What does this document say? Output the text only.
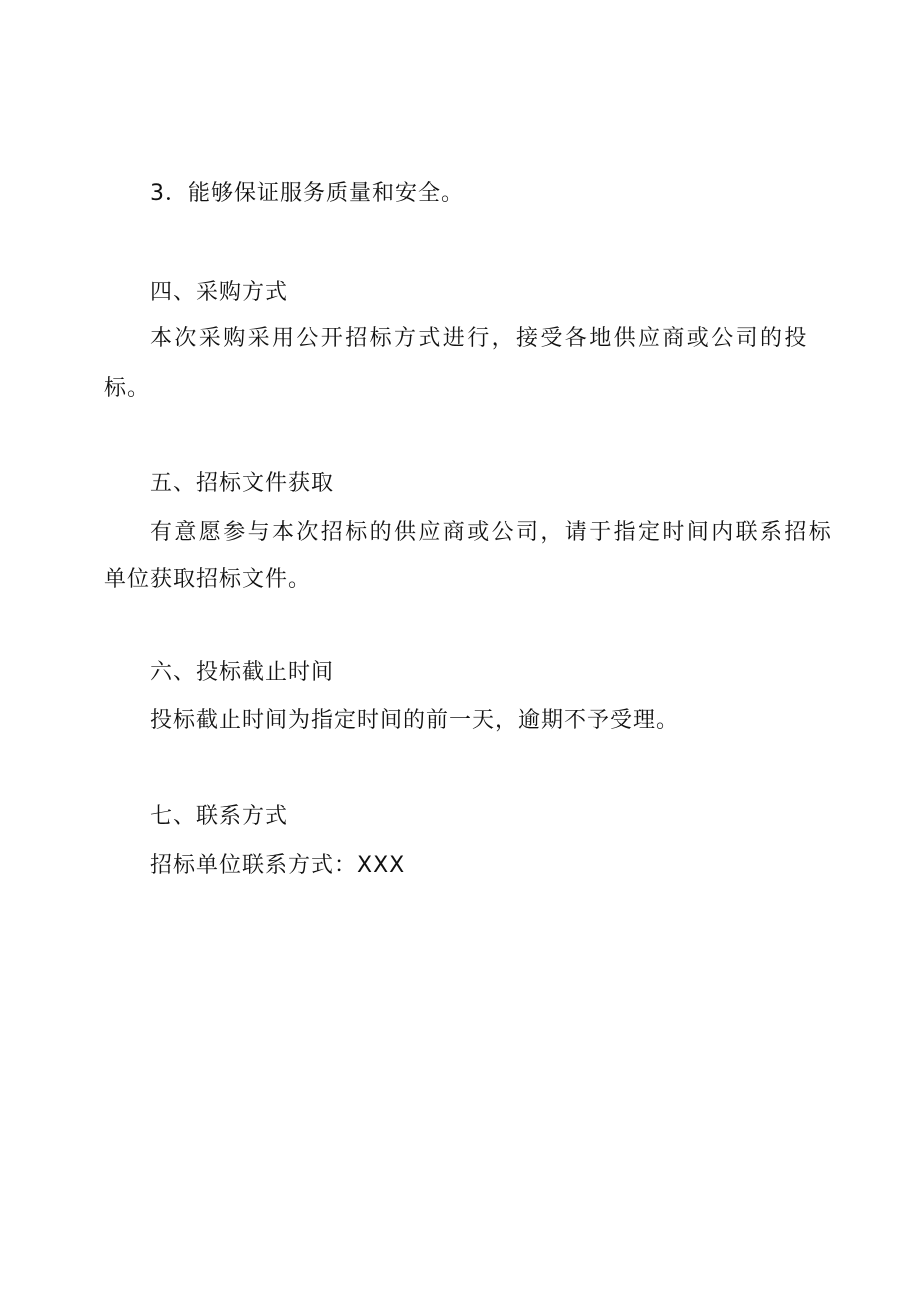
3．能够保证服务质量和安全。
四、采购方式
本次采购采用公开招标方式进行，接受各地供应商或公司的投
标。
五、招标文件获取
有意愿参与本次招标的供应商或公司，请于指定时间内联系招标
单位获取招标文件。
六、投标截止时间
投标截止时间为指定时间的前一天，逾期不予受理。
七、联系方式
招标单位联系方式：XXX
